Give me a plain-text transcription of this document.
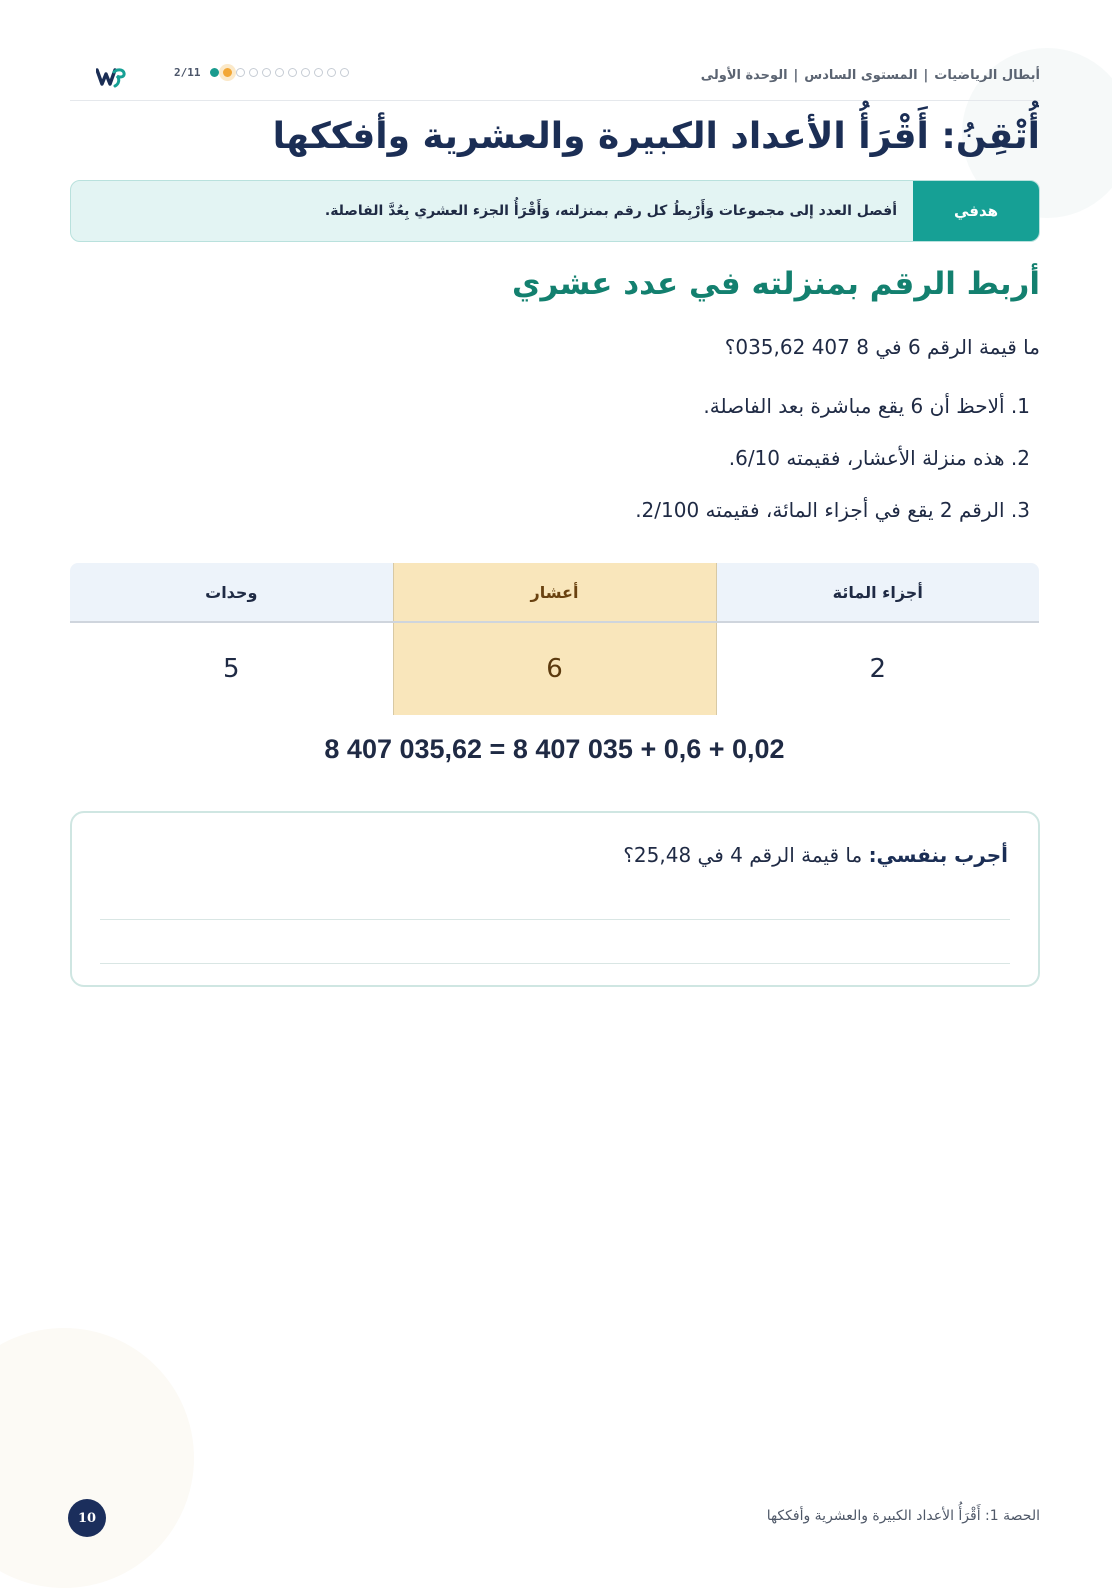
أبطال الرياضيات|المستوى السادس|الوحدة الأولى
2/11
أُتْقِنُ: أَقْرَأُ الأعداد الكبيرة والعشرية وأفككها
هدفي
أفصل العدد إلى مجموعات وَأَرْبِطُ كل رقم بمنزلته، وَأَقْرَأُ الجزء العشري بِعُدَّ الفاصلة.
أربط الرقم بمنزلته في عدد عشري
ما قيمة الرقم 6 في 8 407 035,62؟
1. ألاحظ أن 6 يقع مباشرة بعد الفاصلة.
2. هذه منزلة الأعشار، فقيمته 6/10.
3. الرقم 2 يقع في أجزاء المائة، فقيمته 2/100.
أجزاء المائة	أعشار	وحدات
2	6	5
8 407 035,62 = 8 407 035 + 0,6 + 0,02
أجرب بنفسي: ما قيمة الرقم 4 في 25,48؟
10	الحصة 1: أَقْرَأُ الأعداد الكبيرة والعشرية وأفككها
